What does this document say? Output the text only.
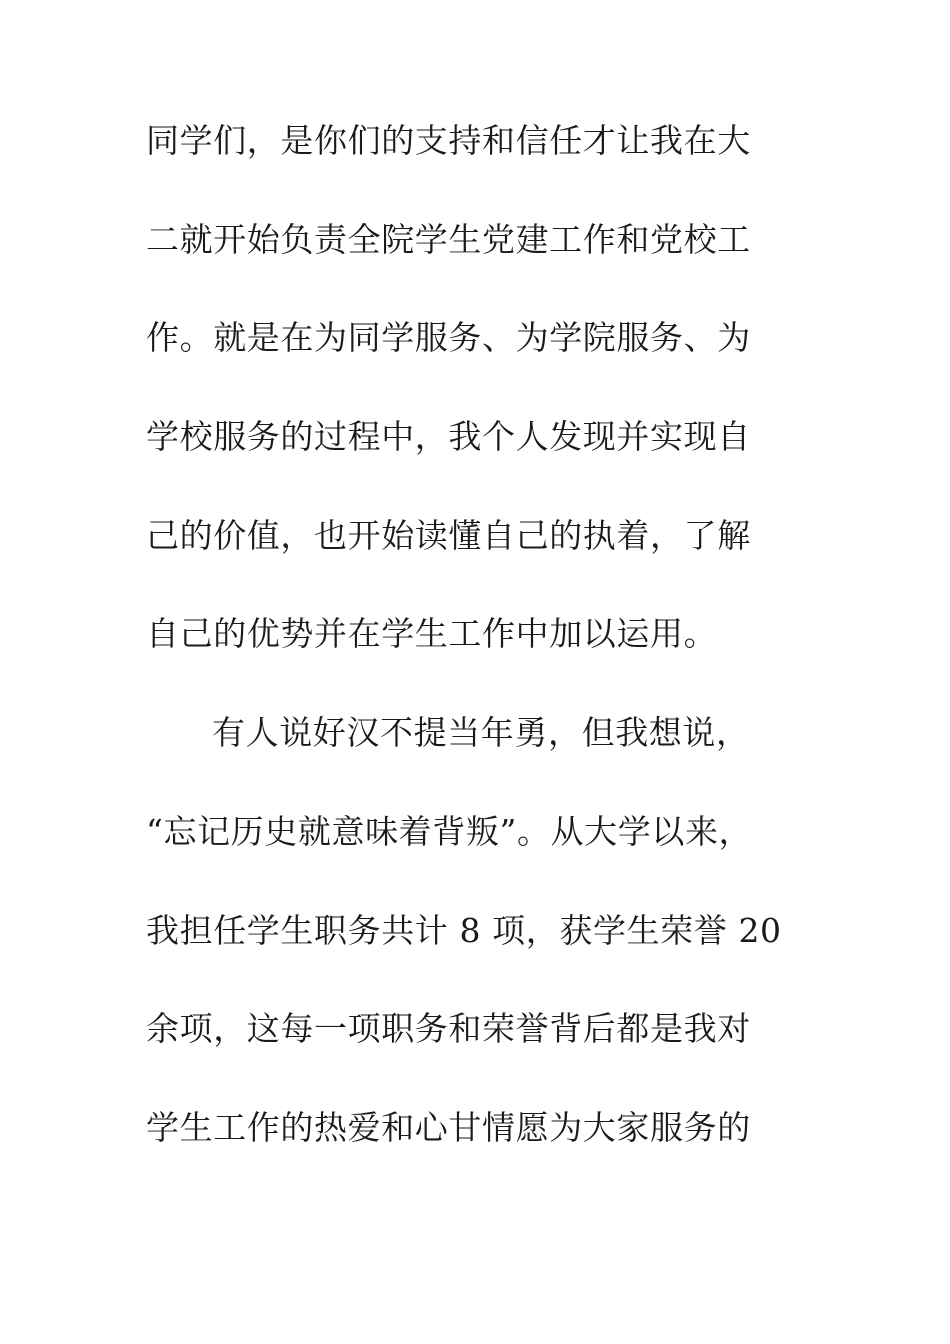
同学们，是你们的支持和信任才让我在大
二就开始负责全院学生党建工作和党校工
作。就是在为同学服务、为学院服务、为
学校服务的过程中，我个人发现并实现自
己的价值，也开始读懂自己的执着，了解
自己的优势并在学生工作中加以运用。
有人说好汉不提当年勇，但我想说，
“忘记历史就意味着背叛”。从大学以来，
我担任学生职务共计 8 项，获学生荣誉 20
余项，这每一项职务和荣誉背后都是我对
学生工作的热爱和心甘情愿为大家服务的
